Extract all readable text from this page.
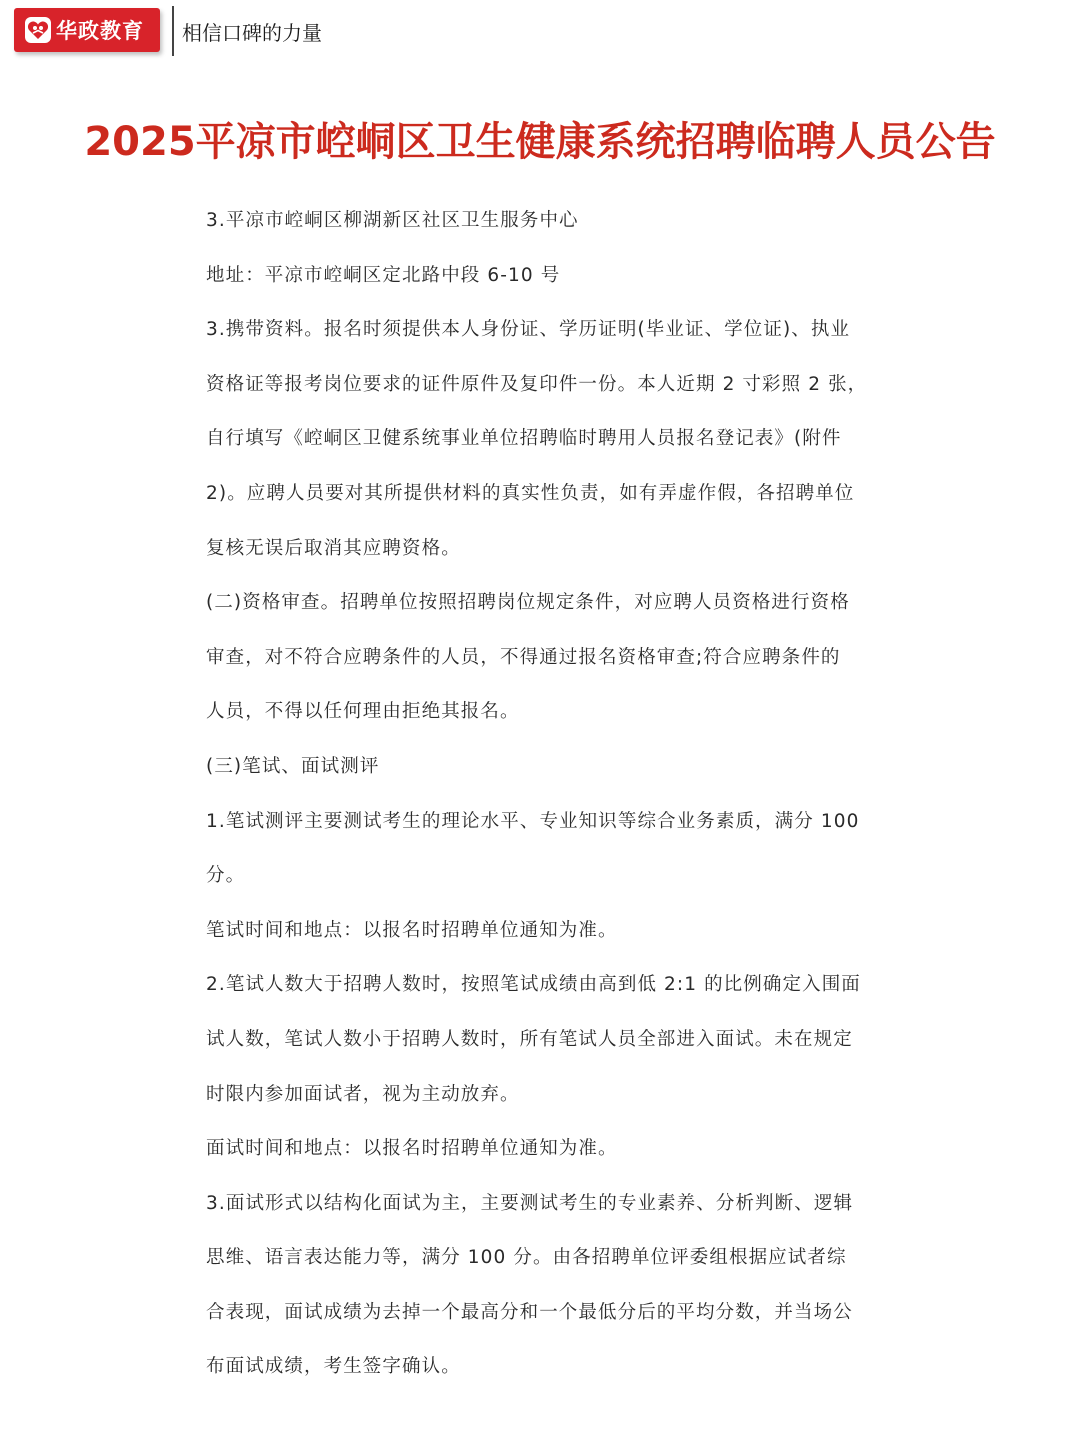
华政教育 相信口碑的力量
2025平凉市崆峒区卫生健康系统招聘临聘人员公告
3.平凉市崆峒区柳湖新区社区卫生服务中心
地址：平凉市崆峒区定北路中段 6-10 号
3.携带资料。报名时须提供本人身份证、学历证明(毕业证、学位证)、执业
资格证等报考岗位要求的证件原件及复印件一份。本人近期 2 寸彩照 2 张，
自行填写《崆峒区卫健系统事业单位招聘临时聘用人员报名登记表》(附件
2)。应聘人员要对其所提供材料的真实性负责，如有弄虚作假，各招聘单位
复核无误后取消其应聘资格。
(二)资格审查。招聘单位按照招聘岗位规定条件，对应聘人员资格进行资格
审查，对不符合应聘条件的人员，不得通过报名资格审查;符合应聘条件的
人员，不得以任何理由拒绝其报名。
(三)笔试、面试测评
1.笔试测评主要测试考生的理论水平、专业知识等综合业务素质，满分 100
分。
笔试时间和地点：以报名时招聘单位通知为准。
2.笔试人数大于招聘人数时，按照笔试成绩由高到低 2:1 的比例确定入围面
试人数，笔试人数小于招聘人数时，所有笔试人员全部进入面试。未在规定
时限内参加面试者，视为主动放弃。
面试时间和地点：以报名时招聘单位通知为准。
3.面试形式以结构化面试为主，主要测试考生的专业素养、分析判断、逻辑
思维、语言表达能力等，满分 100 分。由各招聘单位评委组根据应试者综
合表现，面试成绩为去掉一个最高分和一个最低分后的平均分数，并当场公
布面试成绩，考生签字确认。
